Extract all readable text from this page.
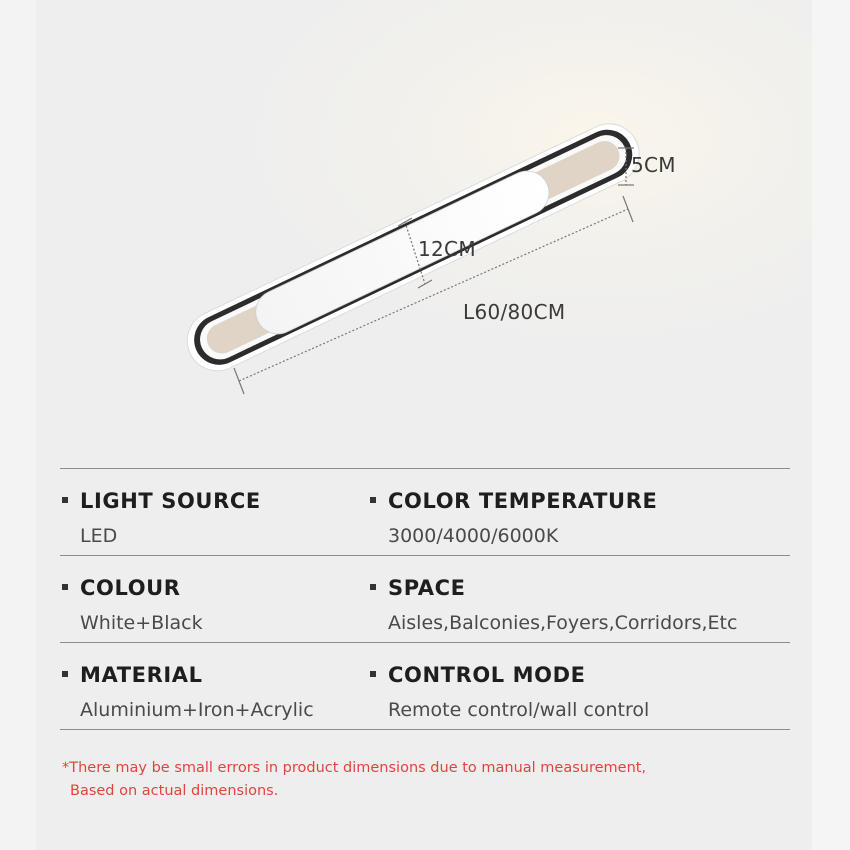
5CM
12CM
L60/80CM
LIGHT SOURCE
LED
COLOR TEMPERATURE
3000/4000/6000K
COLOUR
White+Black
SPACE
Aisles,Balconies,Foyers,Corridors,Etc
MATERIAL
Aluminium+Iron+Acrylic
CONTROL MODE
Remote control/wall control
*There may be small errors in product dimensions due to manual measurement,
Based on actual dimensions.
